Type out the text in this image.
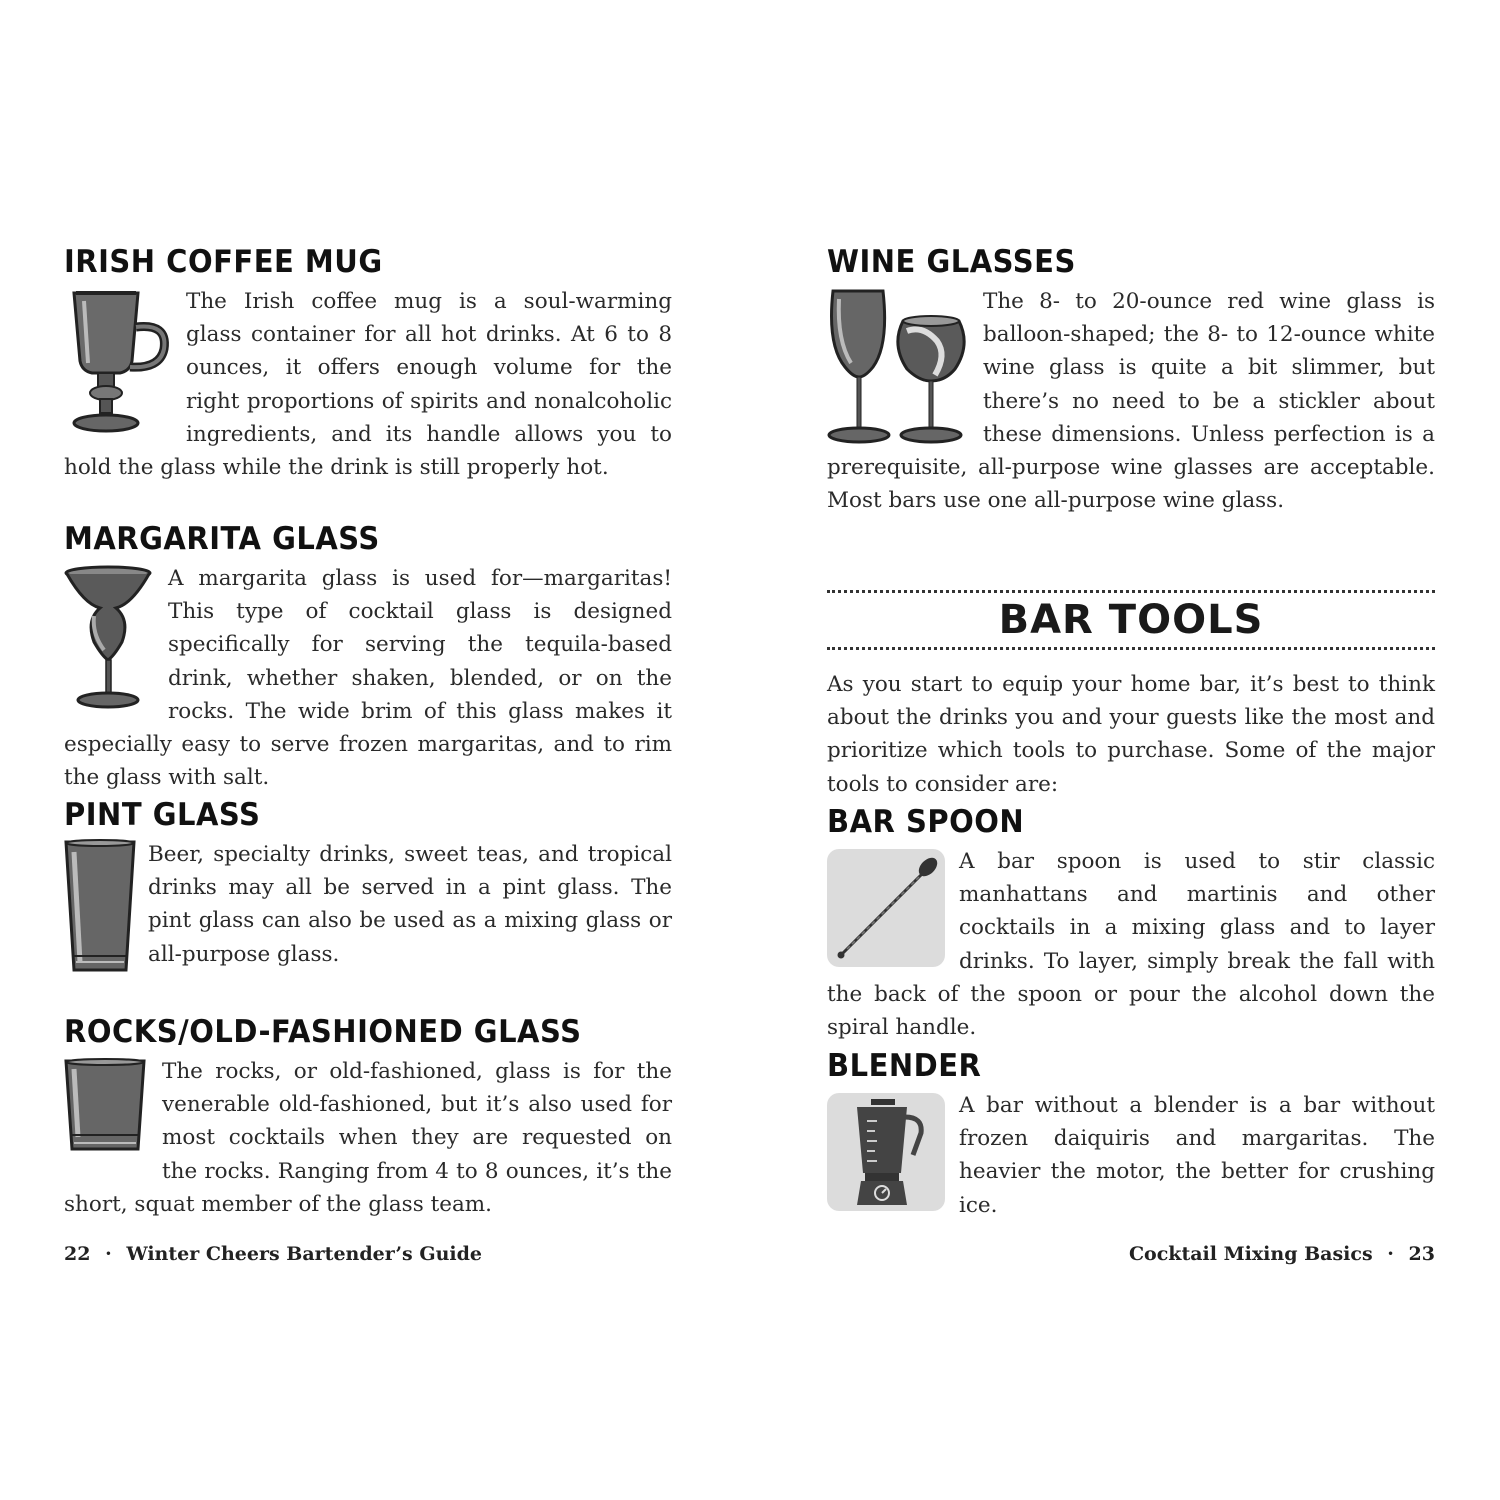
IRISH COFFEE MUG

The Irish coffee mug is a soul-warming glass container for all hot drinks. At 6 to 8 ounces, it offers enough volume for the right proportions of spirits and nonalcoholic ingredients, and its handle allows you to hold the glass while the drink is still properly hot.

MARGARITA GLASS

A margarita glass is used for—margaritas! This type of cocktail glass is designed specifically for serving the tequila-based drink, whether shaken, blended, or on the rocks. The wide brim of this glass makes it especially easy to serve frozen margaritas, and to rim the glass with salt.

PINT GLASS

Beer, specialty drinks, sweet teas, and tropical drinks may all be served in a pint glass. The pint glass can also be used as a mixing glass or all-purpose glass.

ROCKS/OLD-FASHIONED GLASS

The rocks, or old-fashioned, glass is for the venerable old-fashioned, but it’s also used for most cocktails when they are requested on the rocks. Ranging from 4 to 8 ounces, it’s the short, squat member of the glass team.

22 · Winter Cheers Bartender’s Guide
WINE GLASSES

The 8- to 20-ounce red wine glass is balloon-shaped; the 8- to 12-ounce white wine glass is quite a bit slimmer, but there’s no need to be a stickler about these dimensions. Unless perfection is a prerequisite, all-purpose wine glasses are acceptable. Most bars use one all-purpose wine glass.

BAR TOOLS

As you start to equip your home bar, it’s best to think about the drinks you and your guests like the most and prioritize which tools to purchase. Some of the major tools to consider are:

BAR SPOON

A bar spoon is used to stir classic manhattans and martinis and other cocktails in a mixing glass and to layer drinks. To layer, simply break the fall with the back of the spoon or pour the alcohol down the spiral handle.

BLENDER

A bar without a blender is a bar without frozen daiquiris and margaritas. The heavier the motor, the better for crushing ice.

Cocktail Mixing Basics · 23
